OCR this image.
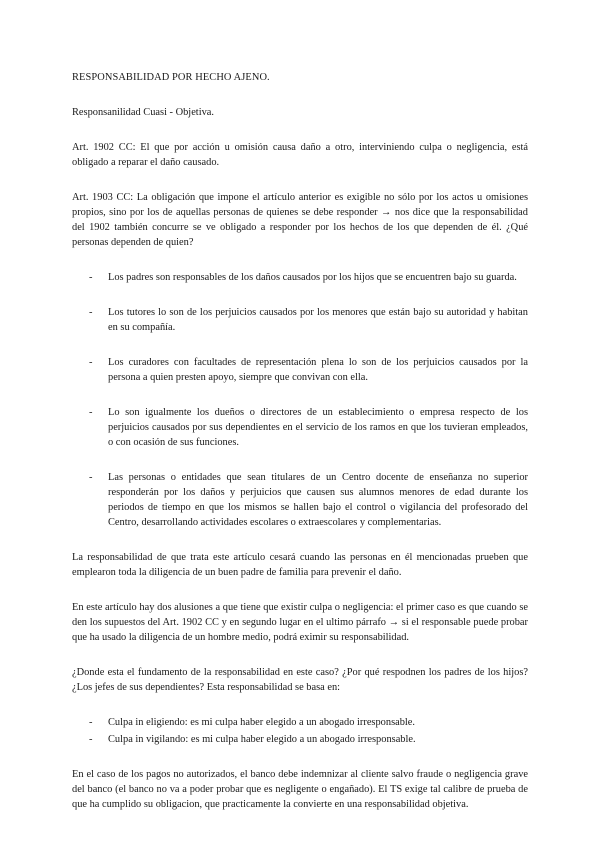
RESPONSABILIDAD POR HECHO AJENO.

Responsanilidad Cuasi - Objetiva.

Art. 1902 CC: El que por acción u omisión causa daño a otro, interviniendo culpa o negligencia, está obligado a reparar el daño causado.

Art. 1903 CC: La obligación que impone el artículo anterior es exigible no sólo por los actos u omisiones propios, sino por los de aquellas personas de quienes se debe responder → nos dice que la responsabilidad del 1902 también concurre se ve obligado a responder por los hechos de los que dependen de él. ¿Qué personas dependen de quien?

- Los padres son responsables de los daños causados por los hijos que se encuentren bajo su guarda.
- Los tutores lo son de los perjuicios causados por los menores que están bajo su autoridad y habitan en su compañía.
- Los curadores con facultades de representación plena lo son de los perjuicios causados por la persona a quien presten apoyo, siempre que convivan con ella.
- Lo son igualmente los dueños o directores de un establecimiento o empresa respecto de los perjuicios causados por sus dependientes en el servicio de los ramos en que los tuvieran empleados, o con ocasión de sus funciones.
- Las personas o entidades que sean titulares de un Centro docente de enseñanza no superior responderán por los daños y perjuicios que causen sus alumnos menores de edad durante los periodos de tiempo en que los mismos se hallen bajo el control o vigilancia del profesorado del Centro, desarrollando actividades escolares o extraescolares y complementarias.

La responsabilidad de que trata este artículo cesará cuando las personas en él mencionadas prueben que emplearon toda la diligencia de un buen padre de familia para prevenir el daño.

En este artículo hay dos alusiones a que tiene que existir culpa o negligencia: el primer caso es que cuando se den los supuestos del Art. 1902 CC y en segundo lugar en el ultimo párrafo → si el responsable puede probar que ha usado la diligencia de un hombre medio, podrá eximir su responsabilidad.

¿Donde esta el fundamento de la responsabilidad en este caso? ¿Por qué respodnen los padres de los hijos? ¿Los jefes de sus dependientes? Esta responsabilidad se basa en:

- Culpa in eligiendo: es mi culpa haber elegido a un abogado irresponsable.
- Culpa in vigilando: es mi culpa haber elegido a un abogado irresponsable.

En el caso de los pagos no autorizados, el banco debe indemnizar al cliente salvo fraude o negligencia grave del banco (el banco no va a poder probar que es negligente o engañado). El TS exige tal calibre de prueba de que ha cumplido su obligacion, que practicamente la convierte en una responsabilidad objetiva.
